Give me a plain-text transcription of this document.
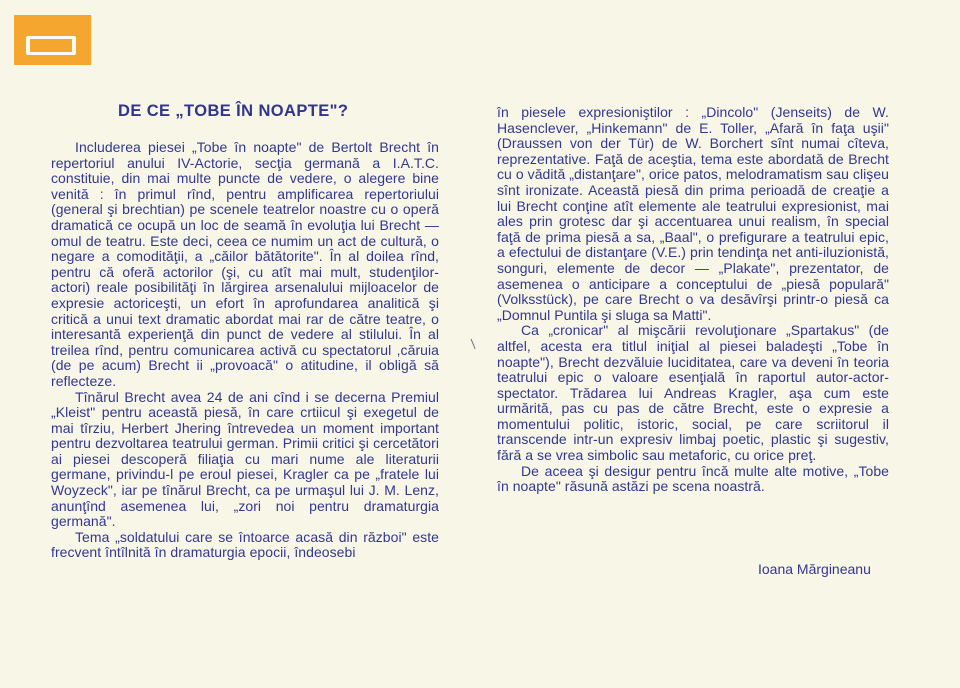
DE CE „TOBE ÎN NOAPTE"?

Includerea piesei „Tobe în noapte" de Bertolt Brecht în repertoriul anului IV-Actorie, secţia germană a I.A.T.C. constituie, din mai multe puncte de vedere, o alegere bine venită : în primul rînd, pentru amplificarea repertoriului (general şi brechtian) pe scenele teatrelor noastre cu o operă dramatică ce ocupă un loc de seamă în evoluţia lui Brecht — omul de teatru. Este deci, ceea ce numim un act de cultură, o negare a comodităţii, a „căilor bătătorite". În al doilea rînd, pentru că oferă actorilor (şi, cu atît mai mult, studenţilor-actori) reale posibilităţi în lărgirea arsenalului mijloacelor de expresie actoriceşti, un efort în aprofundarea analitică şi critică a unui text dramatic abordat mai rar de către teatre, o interesantă experienţă din punct de vedere al stilului. În al treilea rînd, pentru comunicarea activă cu spectatorul ,căruia (de pe acum) Brecht ii „provoacă" o atitudine, il obligă să reflecteze.

Tînărul Brecht avea 24 de ani cînd i se decerna Premiul „Kleist" pentru această piesă, în care crtiicul şi exegetul de mai tîrziu, Herbert Jhering întrevedea un moment important pentru dezvoltarea teatrului german. Primii critici şi cercetători ai piesei descoperă filiaţia cu mari nume ale literaturii germane, privindu-l pe eroul piesei, Kragler ca pe „fratele lui Woyzeck", iar pe tînărul Brecht, ca pe urmaşul lui J. M. Lenz, anunţînd asemenea lui, „zori noi pentru dramaturgia germană".

Tema „soldatului care se întoarce acasă din război" este frecvent întîlnită în dramaturgia epocii, îndeosebi

în piesele expresioniştilor : „Dincolo" (Jenseits) de W. Hasenclever, „Hinkemann" de E. Toller, „Afară în faţa uşii" (Draussen von der Tür) de W. Borchert sînt numai cîteva, reprezentative. Faţă de aceştia, tema este abordată de Brecht cu o vădită „distanţare", orice patos, melodramatism sau clişeu sînt ironizate. Această piesă din prima perioadă de creaţie a lui Brecht conţine atît elemente ale teatrului expresionist, mai ales prin grotesc dar şi accentuarea unui realism, în special faţă de prima piesă a sa, „Baal", o prefigurare a teatrului epic, a efectului de distanţare (V.E.) prin tendinţa net anti-iluzionistă, songuri, elemente de decor — „Plakate", prezentator, de asemenea o anticipare a conceptului de „piesă populară" (Volksstück), pe care Brecht o va desăvîrşi printr-o piesă ca „Domnul Puntila şi sluga sa Matti".

Ca „cronicar" al mişcării revoluţionare „Spartakus" (de altfel, acesta era titlul iniţial al piesei baladeşti „Tobe în noapte"), Brecht dezvăluie luciditatea, care va deveni în teoria teatrului epic o valoare esenţială în raportul autor-actor-spectator. Trădarea lui Andreas Kragler, aşa cum este urmărită, pas cu pas de către Brecht, este o expresie a momentului politic, istoric, social, pe care scriitorul il transcende intr-un expresiv limbaj poetic, plastic şi sugestiv, fără a se vrea simbolic sau metaforic, cu orice preţ.

De aceea şi desigur pentru încă multe alte motive, „Tobe în noapte" răsună astăzi pe scena noastră.

Ioana Mărgineanu
